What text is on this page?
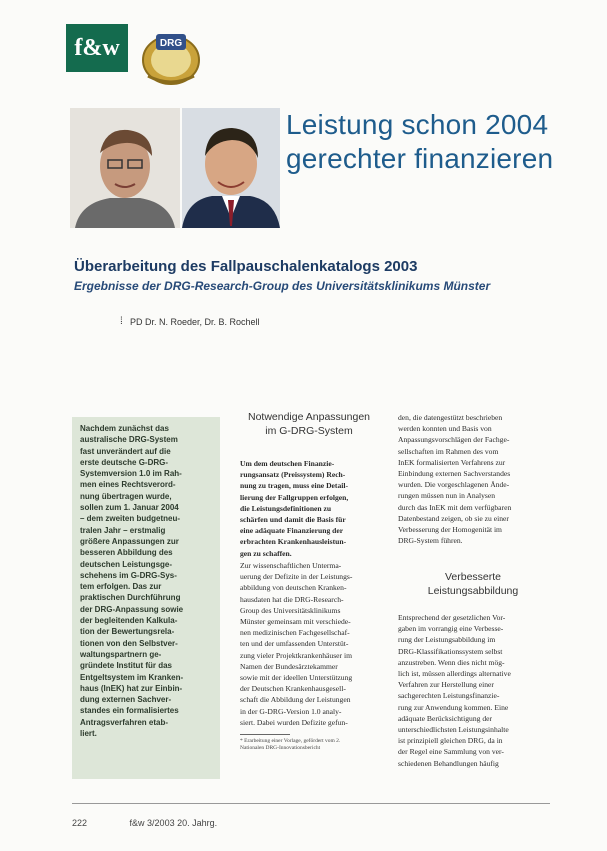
f&w	DRG
Leistung schon 2004
gerechter finanzieren
Überarbeitung des Fallpauschalenkatalogs 2003
Ergebnisse der DRG-Research-Group des Universitätsklinikums Münster
⁞ PD Dr. N. Roeder, Dr. B. Rochell
Nachdem zunächst das
australische DRG-System
fast unverändert auf die
erste deutsche G-DRG-
Systemversion 1.0 im Rah-
men eines Rechtsverord-
nung übertragen wurde,
sollen zum 1. Januar 2004
– dem zweiten budgetneu-
tralen Jahr – erstmalig
größere Anpassungen zur
besseren Abbildung des
deutschen Leistungsge-
schehens im G-DRG-Sys-
tem erfolgen. Das zur
praktischen Durchführung
der DRG-Anpassung sowie
der begleitenden Kalkula-
tion der Bewertungsrela-
tionen von den Selbstver-
waltungspartnern ge-
gründete Institut für das
Entgeltsystem im Kranken-
haus (InEK) hat zur Einbin-
dung externen Sachver-
standes ein formalisiertes
Antragsverfahren etab-
liert.
Notwendige Anpassungen
im G-DRG-System
Um dem deutschen Finanzie-
rungsansatz (Preissystem) Rech-
nung zu tragen, muss eine Detail-
lierung der Fallgruppen erfolgen,
die Leistungsdefinitionen zu
schärfen und damit die Basis für
eine adäquate Finanzierung der
erbrachten Krankenhausleistun-
gen zu schaffen.
Zur wissenschaftlichen Unterma-
uerung der Defizite in der Leistungs-
abbildung von deutschen Kranken-
hausdaten hat die DRG-Research-
Group des Universitätsklinikums
Münster gemeinsam mit verschiede-
nen medizinischen Fachgesellschaf-
ten und der umfassenden Unterstüt-
zung vieler Projektkrankenhäuser im
Namen der Bundesärztekammer
sowie mit der ideellen Unterstützung
der Deutschen Krankenhausgesell-
schaft die Abbildung der Leistungen
in der G-DRG-Version 1.0 analy-
siert. Dabei wurden Defizite gefun-
* Erarbeitung einer Vorlage, gefördert vom 2.
Nationalen DRG-Innovationsbericht
den, die datengestützt beschrieben
werden konnten und Basis von
Anpassungsvorschlägen der Fachge-
sellschaften im Rahmen des vom
InEK formalisierten Verfahrens zur
Einbindung externen Sachverstandes
wurden. Die vorgeschlagenen Ände-
rungen müssen nun in Analysen
durch das InEK mit dem verfügbaren
Datenbestand zeigen, ob sie zu einer
Verbesserung der Homogenität im
DRG-System führen.
Verbesserte
Leistungsabbildung
Entsprechend der gesetzlichen Vor-
gaben im vorrangig eine Verbesse-
rung der Leistungsabbildung im
DRG-Klassifikationssystem selbst
anzustreben. Wenn dies nicht mög-
lich ist, müssen allerdings alternative
Verfahren zur Herstellung einer
sachgerechten Leistungsfinanzie-
rung zur Anwendung kommen. Eine
adäquate Berücksichtigung der
unterschiedlichsten Leistungsinhalte
ist prinzipiell gleichen DRG, da in
der Regel eine Sammlung von ver-
schiedenen Behandlungen häufig
222	f&w 3/2003 20. Jahrg.
